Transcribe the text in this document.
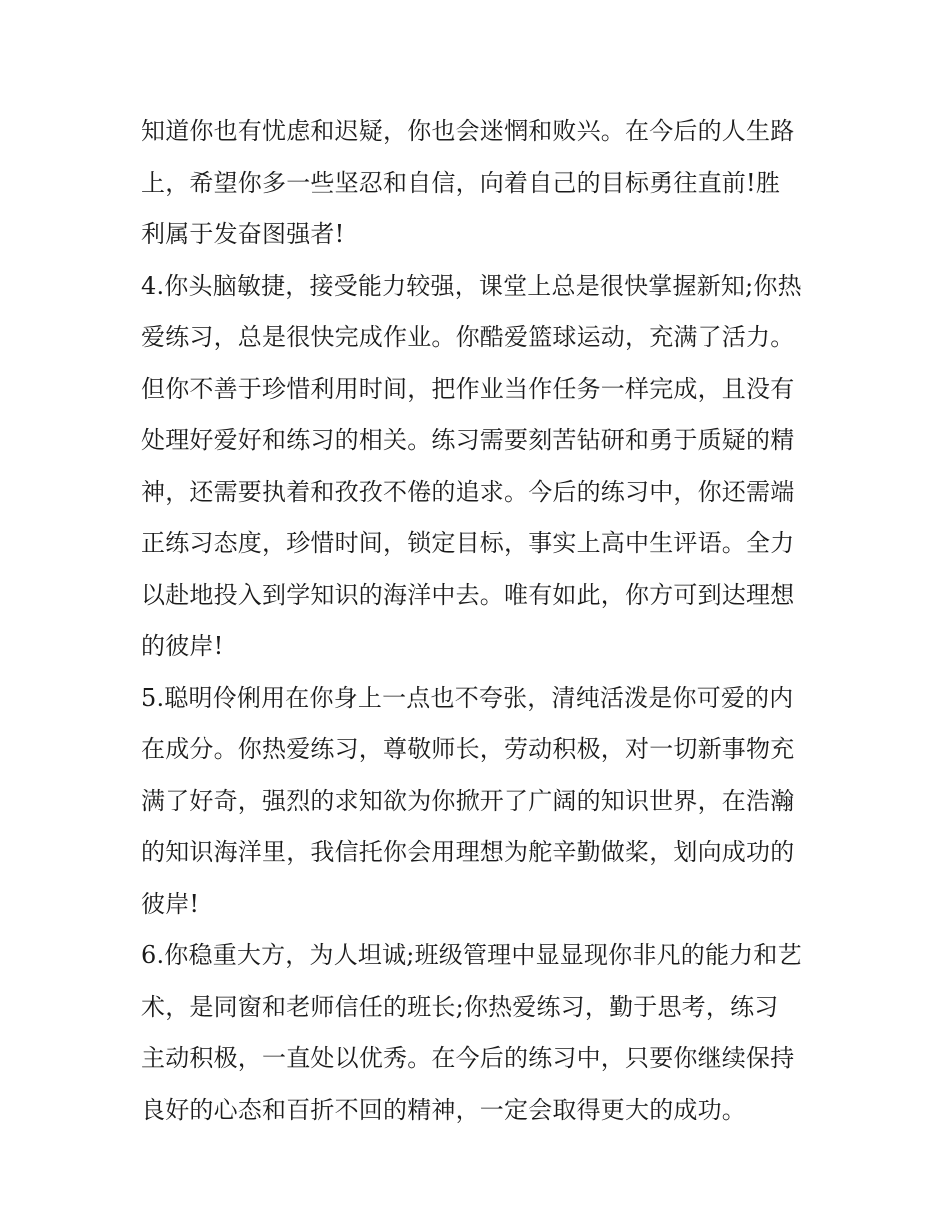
知道你也有忧虑和迟疑，你也会迷惘和败兴。在今后的人生路
上，希望你多一些坚忍和自信，向着自己的目标勇往直前!胜
利属于发奋图强者!
4.你头脑敏捷，接受能力较强，课堂上总是很快掌握新知;你热
爱练习，总是很快完成作业。你酷爱篮球运动，充满了活力。
但你不善于珍惜利用时间，把作业当作任务一样完成，且没有
处理好爱好和练习的相关。练习需要刻苦钻研和勇于质疑的精
神，还需要执着和孜孜不倦的追求。今后的练习中，你还需端
正练习态度，珍惜时间，锁定目标，事实上高中生评语。全力
以赴地投入到学知识的海洋中去。唯有如此，你方可到达理想
的彼岸!
5.聪明伶俐用在你身上一点也不夸张，清纯活泼是你可爱的内
在成分。你热爱练习，尊敬师长，劳动积极，对一切新事物充
满了好奇，强烈的求知欲为你掀开了广阔的知识世界，在浩瀚
的知识海洋里，我信托你会用理想为舵辛勤做桨，划向成功的
彼岸!
6.你稳重大方，为人坦诚;班级管理中显显现你非凡的能力和艺
术，是同窗和老师信任的班长;你热爱练习，勤于思考，练习
主动积极，一直处以优秀。在今后的练习中，只要你继续保持
良好的心态和百折不回的精神，一定会取得更大的成功。
